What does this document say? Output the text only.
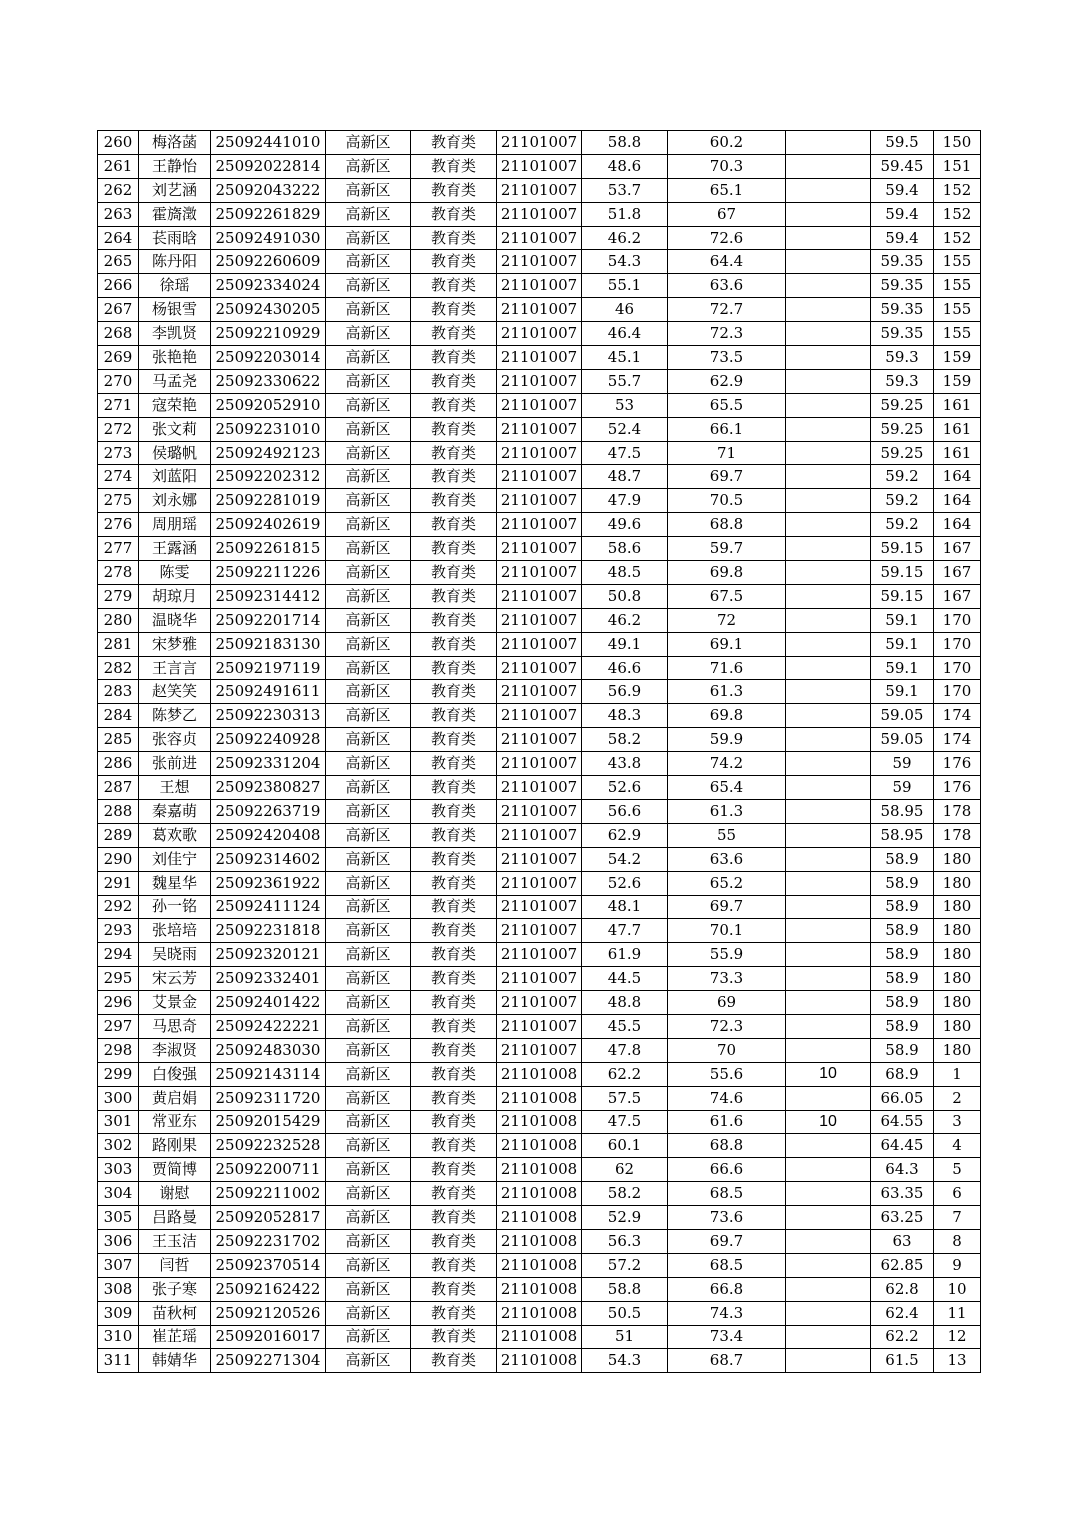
260	梅洛菡	25092441010	高新区	教育类	21101007	58.8	60.2		59.5	150
261	王静怡	25092022814	高新区	教育类	21101007	48.6	70.3		59.45	151
262	刘艺涵	25092043222	高新区	教育类	21101007	53.7	65.1		59.4	152
263	霍旖澂	25092261829	高新区	教育类	21101007	51.8	67		59.4	152
264	苌雨晗	25092491030	高新区	教育类	21101007	46.2	72.6		59.4	152
265	陈丹阳	25092260609	高新区	教育类	21101007	54.3	64.4		59.35	155
266	徐瑶	25092334024	高新区	教育类	21101007	55.1	63.6		59.35	155
267	杨银雪	25092430205	高新区	教育类	21101007	46	72.7		59.35	155
268	李凯贤	25092210929	高新区	教育类	21101007	46.4	72.3		59.35	155
269	张艳艳	25092203014	高新区	教育类	21101007	45.1	73.5		59.3	159
270	马孟尧	25092330622	高新区	教育类	21101007	55.7	62.9		59.3	159
271	寇荣艳	25092052910	高新区	教育类	21101007	53	65.5		59.25	161
272	张文莉	25092231010	高新区	教育类	21101007	52.4	66.1		59.25	161
273	侯璐帆	25092492123	高新区	教育类	21101007	47.5	71		59.25	161
274	刘蓝阳	25092202312	高新区	教育类	21101007	48.7	69.7		59.2	164
275	刘永娜	25092281019	高新区	教育类	21101007	47.9	70.5		59.2	164
276	周朋瑶	25092402619	高新区	教育类	21101007	49.6	68.8		59.2	164
277	王露涵	25092261815	高新区	教育类	21101007	58.6	59.7		59.15	167
278	陈雯	25092211226	高新区	教育类	21101007	48.5	69.8		59.15	167
279	胡琼月	25092314412	高新区	教育类	21101007	50.8	67.5		59.15	167
280	温晓华	25092201714	高新区	教育类	21101007	46.2	72		59.1	170
281	宋梦雅	25092183130	高新区	教育类	21101007	49.1	69.1		59.1	170
282	王言言	25092197119	高新区	教育类	21101007	46.6	71.6		59.1	170
283	赵笑笑	25092491611	高新区	教育类	21101007	56.9	61.3		59.1	170
284	陈梦乙	25092230313	高新区	教育类	21101007	48.3	69.8		59.05	174
285	张容贞	25092240928	高新区	教育类	21101007	58.2	59.9		59.05	174
286	张前进	25092331204	高新区	教育类	21101007	43.8	74.2		59	176
287	王想	25092380827	高新区	教育类	21101007	52.6	65.4		59	176
288	秦嘉萌	25092263719	高新区	教育类	21101007	56.6	61.3		58.95	178
289	葛欢歌	25092420408	高新区	教育类	21101007	62.9	55		58.95	178
290	刘佳宁	25092314602	高新区	教育类	21101007	54.2	63.6		58.9	180
291	魏星华	25092361922	高新区	教育类	21101007	52.6	65.2		58.9	180
292	孙一铭	25092411124	高新区	教育类	21101007	48.1	69.7		58.9	180
293	张培培	25092231818	高新区	教育类	21101007	47.7	70.1		58.9	180
294	吴晓雨	25092320121	高新区	教育类	21101007	61.9	55.9		58.9	180
295	宋云芳	25092332401	高新区	教育类	21101007	44.5	73.3		58.9	180
296	艾景金	25092401422	高新区	教育类	21101007	48.8	69		58.9	180
297	马思奇	25092422221	高新区	教育类	21101007	45.5	72.3		58.9	180
298	李淑贤	25092483030	高新区	教育类	21101007	47.8	70		58.9	180
299	白俊强	25092143114	高新区	教育类	21101008	62.2	55.6	10	68.9	1
300	黄启娟	25092311720	高新区	教育类	21101008	57.5	74.6		66.05	2
301	常亚东	25092015429	高新区	教育类	21101008	47.5	61.6	10	64.55	3
302	路刚果	25092232528	高新区	教育类	21101008	60.1	68.8		64.45	4
303	贾简博	25092200711	高新区	教育类	21101008	62	66.6		64.3	5
304	谢慰	25092211002	高新区	教育类	21101008	58.2	68.5		63.35	6
305	吕路曼	25092052817	高新区	教育类	21101008	52.9	73.6		63.25	7
306	王玉洁	25092231702	高新区	教育类	21101008	56.3	69.7		63	8
307	闫哲	25092370514	高新区	教育类	21101008	57.2	68.5		62.85	9
308	张子寒	25092162422	高新区	教育类	21101008	58.8	66.8		62.8	10
309	苗秋柯	25092120526	高新区	教育类	21101008	50.5	74.3		62.4	11
310	崔芷瑶	25092016017	高新区	教育类	21101008	51	73.4		62.2	12
311	韩婧华	25092271304	高新区	教育类	21101008	54.3	68.7		61.5	13
